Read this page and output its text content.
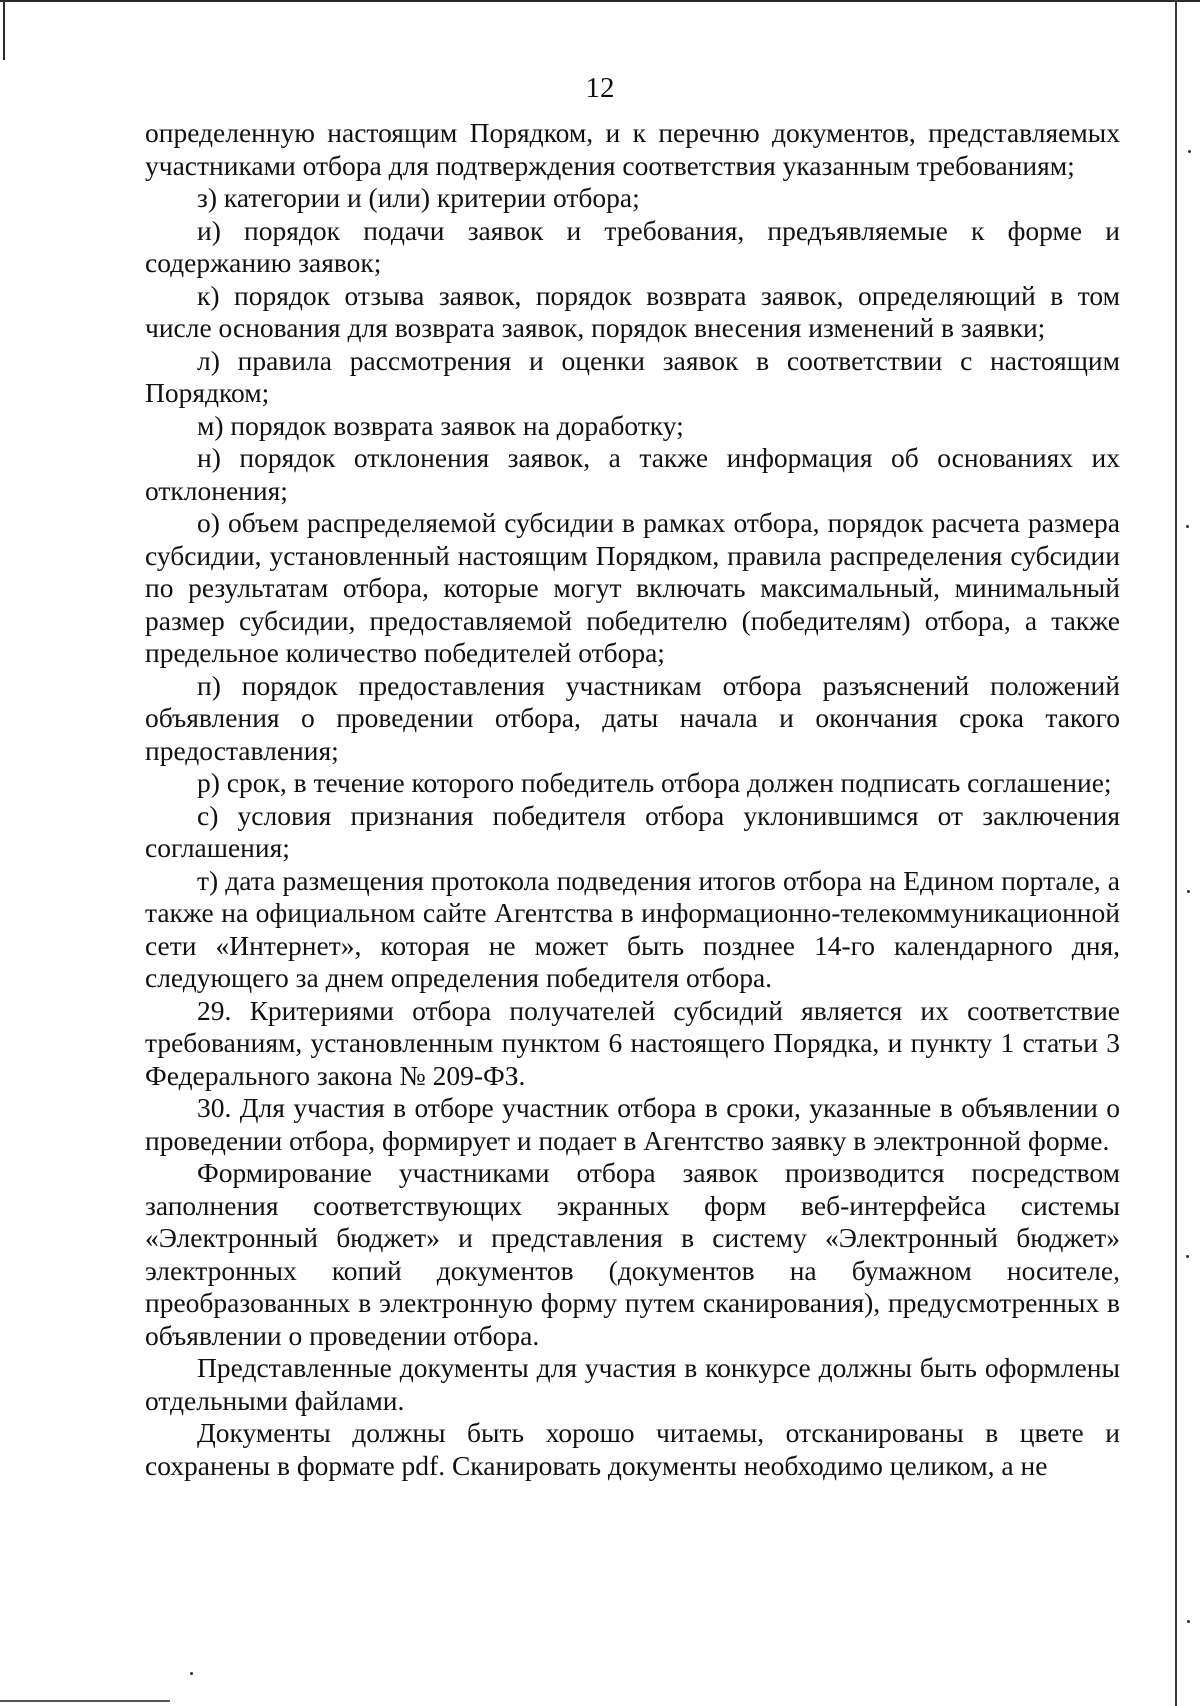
12

определенную настоящим Порядком, и к перечню документов, представляемых участниками отбора для подтверждения соответствия указанным требованиям;

з) категории и (или) критерии отбора;

и) порядок подачи заявок и требования, предъявляемые к форме и содержанию заявок;

к) порядок отзыва заявок, порядок возврата заявок, определяющий в том числе основания для возврата заявок, порядок внесения изменений в заявки;

л) правила рассмотрения и оценки заявок в соответствии с настоящим Порядком;

м) порядок возврата заявок на доработку;

н) порядок отклонения заявок, а также информация об основаниях их отклонения;

о) объем распределяемой субсидии в рамках отбора, порядок расчета размера субсидии, установленный настоящим Порядком, правила распределения субсидии по результатам отбора, которые могут включать максимальный, минимальный размер субсидии, предоставляемой победителю (победителям) отбора, а также предельное количество победителей отбора;

п) порядок предоставления участникам отбора разъяснений положений объявления о проведении отбора, даты начала и окончания срока такого предоставления;

р) срок, в течение которого победитель отбора должен подписать соглашение;

с) условия признания победителя отбора уклонившимся от заключения соглашения;

т) дата размещения протокола подведения итогов отбора на Едином портале, а также на официальном сайте Агентства в информационно-телекоммуникационной сети «Интернет», которая не может быть позднее 14-го календарного дня, следующего за днем определения победителя отбора.

29. Критериями отбора получателей субсидий является их соответствие требованиям, установленным пунктом 6 настоящего Порядка, и пункту 1 статьи 3 Федерального закона № 209-ФЗ.

30. Для участия в отборе участник отбора в сроки, указанные в объявлении о проведении отбора, формирует и подает в Агентство заявку в электронной форме.

Формирование участниками отбора заявок производится посредством заполнения соответствующих экранных форм веб-интерфейса системы «Электронный бюджет» и представления в систему «Электронный бюджет» электронных копий документов (документов на бумажном носителе, преобразованных в электронную форму путем сканирования), предусмотренных в объявлении о проведении отбора.

Представленные документы для участия в конкурсе должны быть оформлены отдельными файлами.

Документы должны быть хорошо читаемы, отсканированы в цвете и сохранены в формате pdf. Сканировать документы необходимо целиком, а не
